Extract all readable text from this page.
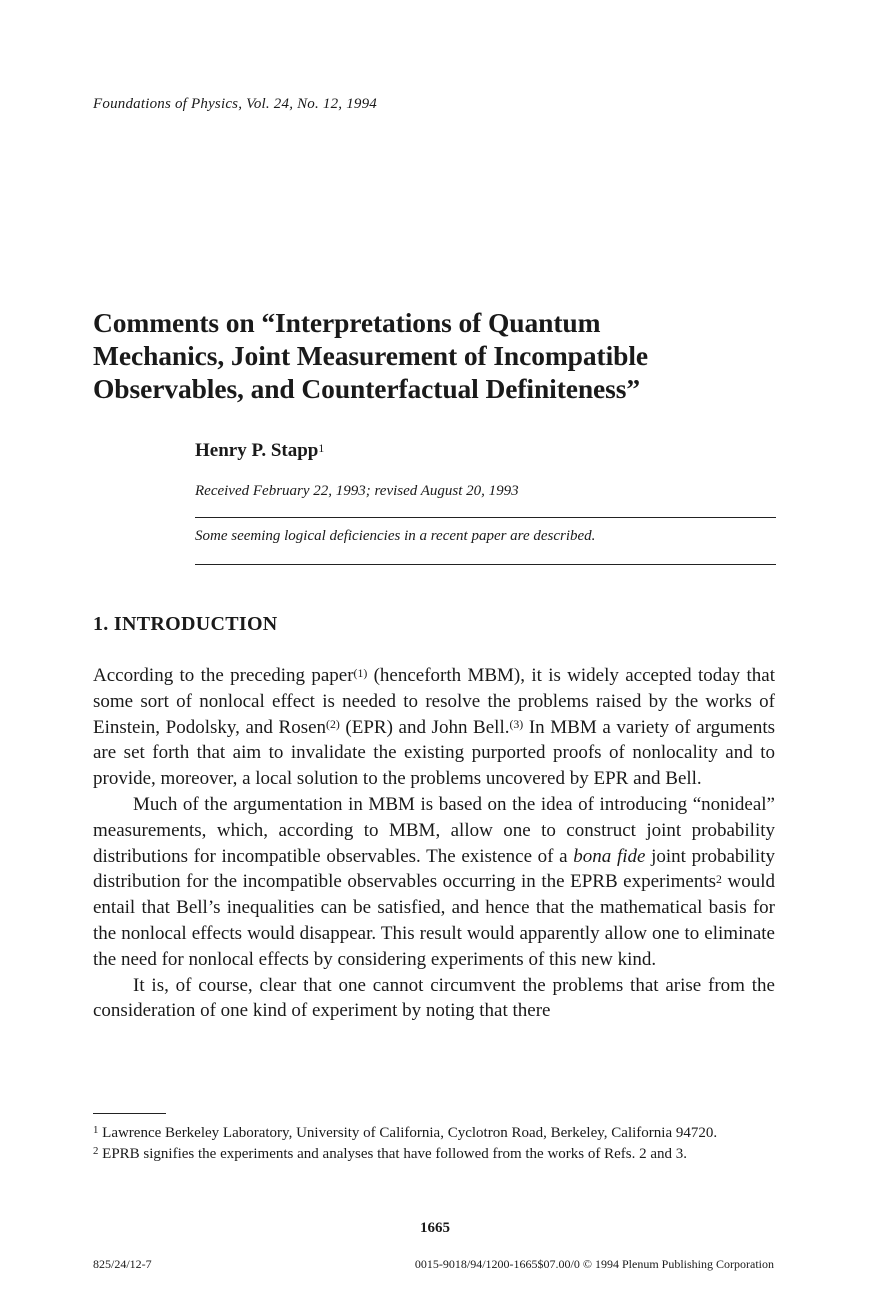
Foundations of Physics, Vol. 24, No. 12, 1994
Comments on “Interpretations of Quantum
Mechanics, Joint Measurement of Incompatible
Observables, and Counterfactual Definiteness”
Henry P. Stapp$^1$
Received February 22, 1993; revised August 20, 1993
Some seeming logical deficiencies in a recent paper are described.
1. INTRODUCTION

According to the preceding paper$^{(1)}$ (henceforth MBM), it is widely accepted today that some sort of nonlocal effect is needed to resolve the problems raised by the works of Einstein, Podolsky, and Rosen$^{(2)}$ (EPR) and John Bell.$^{(3)}$ In MBM a variety of arguments are set forth that aim to invalidate the existing purported proofs of nonlocality and to provide, moreover, a local solution to the problems uncovered by EPR and Bell.

Much of the argumentation in MBM is based on the idea of introducing “nonideal” measurements, which, according to MBM, allow one to construct joint probability distributions for incompatible observables. The existence of a bona fide joint probability distribution for the incompatible observables occurring in the EPRB experiments$^2$ would entail that Bell’s inequalities can be satisfied, and hence that the mathematical basis for the nonlocal effects would disappear. This result would apparently allow one to eliminate the need for nonlocal effects by considering experiments of this new kind.

It is, of course, clear that one cannot circumvent the problems that arise from the consideration of one kind of experiment by noting that there

$^1$ Lawrence Berkeley Laboratory, University of California, Cyclotron Road, Berkeley, California 94720.

$^2$ EPRB signifies the experiments and analyses that have followed from the works of Refs. 2 and 3.

1665
825/24/12-7	0015-9018/94/1200-1665$07.00/0 © 1994 Plenum Publishing Corporation
